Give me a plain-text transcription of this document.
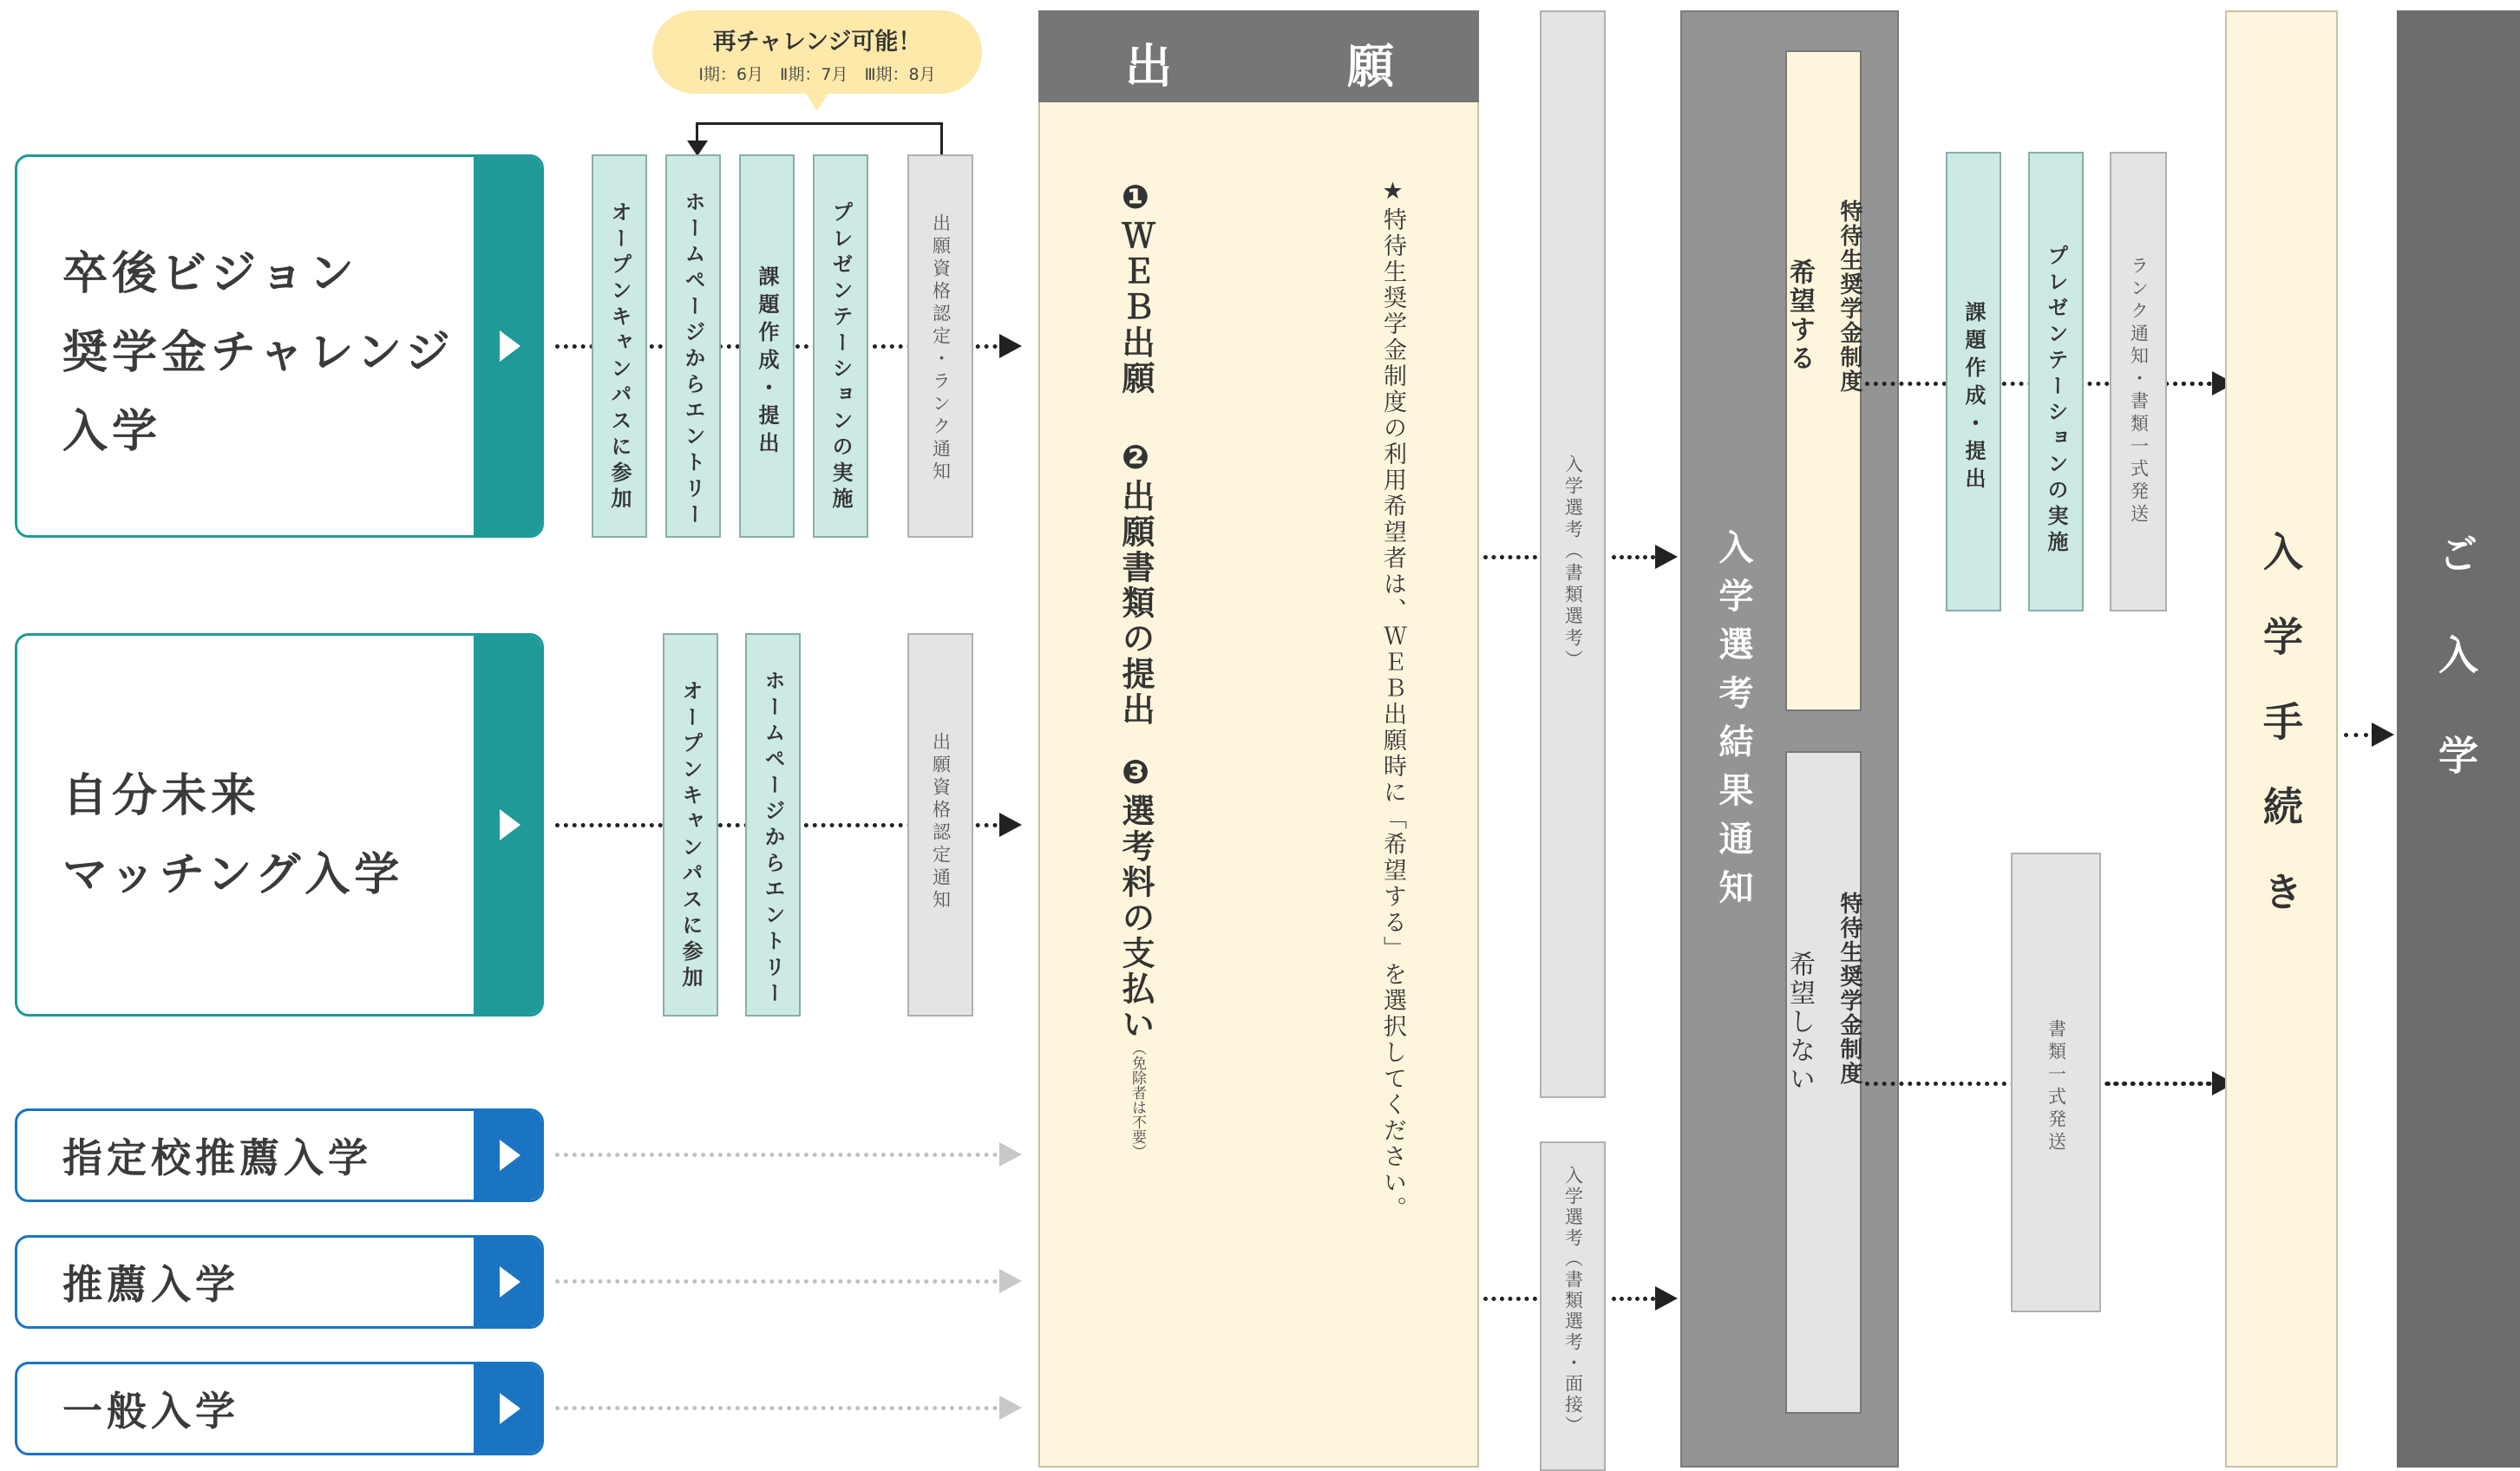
再チャレンジ可能！
Ⅰ期：6月　Ⅱ期：7月　Ⅲ期：8月
卒後ビジョン
奨学金チャレンジ
入学
自分未来
マッチング入学
指定校推薦入学
推薦入学
一般入学
オープンキャンパスに参加 ホームページからエントリー 課題作成・提出 プレゼンテーションの実施	出願資格認定・ランク通知
オープンキャンパスに参加	ホームページからエントリー	出願資格認定通知
出	願
❶ＷＥＢ出願
❷出願書類の提出
❸選考料の支払い
（免除者は不要）	★特待生奨学金制度の利用希望者は、ＷＥＢ出願時に「希望する」を選択してください。	入学選考（書類選考）
入学選考（書類選考・面接）
入学選考結果通知
特待生奨学金制度
希望する
特待生奨学金制度
希望しない
課題作成・提出	プレゼンテーションの実施	ランク通知・書類一式発送
書類一式発送
入学手続き	ご入学
